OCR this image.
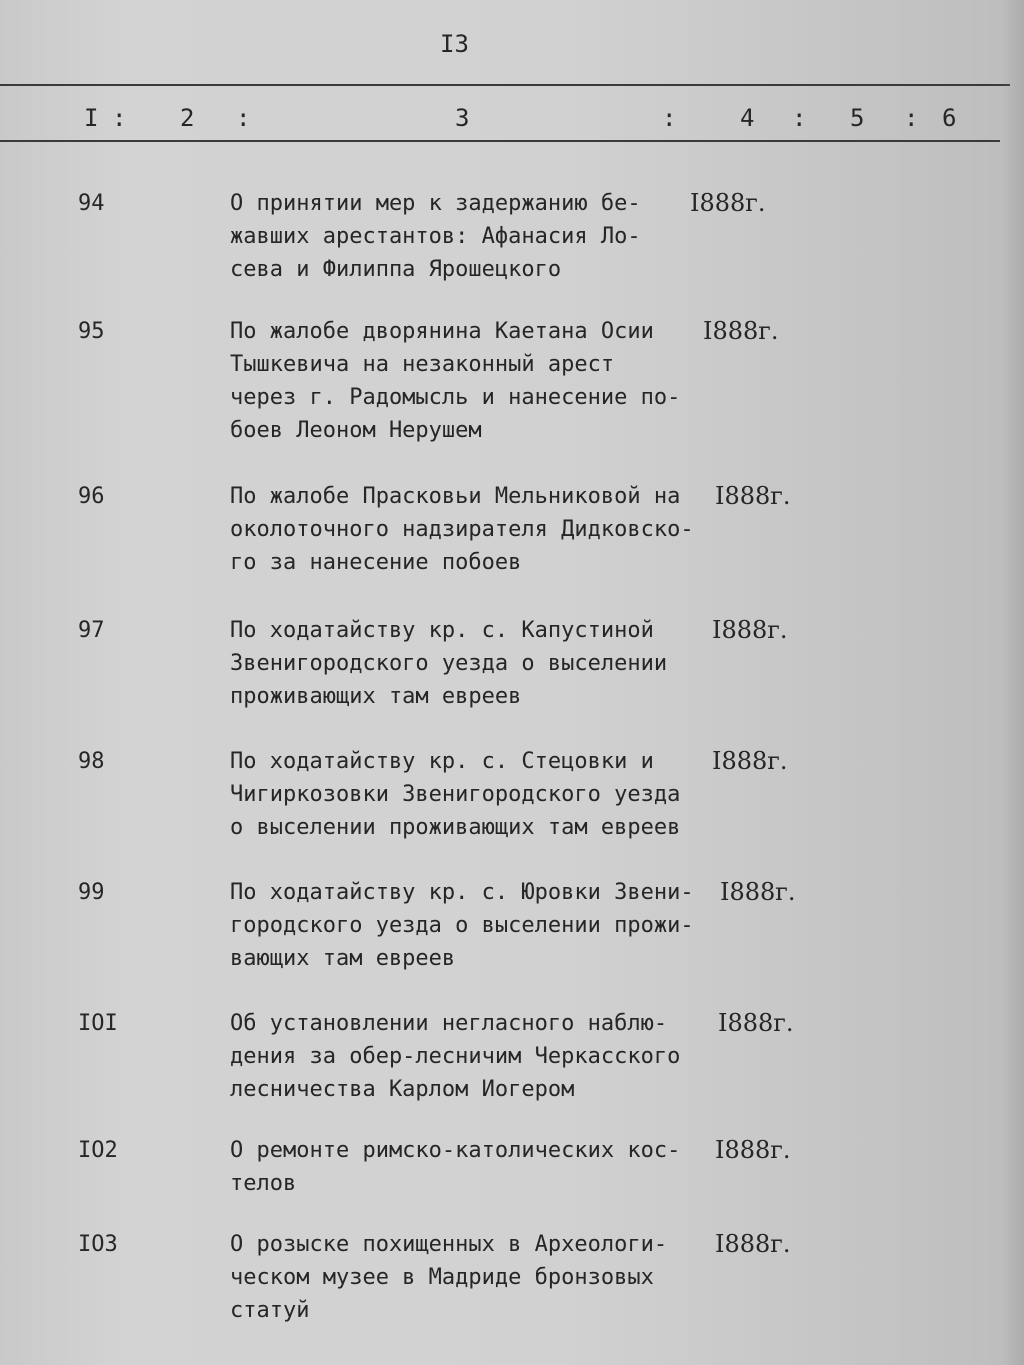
I3
I : 2 :	3	:	4 : 5 : 6
94	О принятии мер к задержанию бе-
жавших арестантов: Афанасия Ло-
сева и Филиппа Ярошецкого
I888г.
95	По жалобе дворянина Каетана Осии
Тышкевича на незаконный арест
через г. Радомысль и нанесение по-
боев Леоном Нерушем
I888г.
96	По жалобе Прасковьи Мельниковой на
околоточного надзирателя Дидковско-
го за нанесение побоев
I888г.
97	По ходатайству кр. с. Капустиной
Звенигородского уезда о выселении
проживающих там евреев
I888г.
98	По ходатайству кр. с. Стецовки и
Чигиркозовки Звенигородского уезда
о выселении проживающих там евреев
I888г.
99	По ходатайству кр. с. Юровки Звени-
городского уезда о выселении прожи-
вающих там евреев
I888г.
IOI	Об установлении негласного наблю-
дения за обер-лесничим Черкасского
лесничества Карлом Иогером
I888г.
IO2	О ремонте римско-католических кос-
телов
I888г.
IO3	О розыске похищенных в Археологи-
ческом музее в Мадриде бронзовых
статуй
I888г.
